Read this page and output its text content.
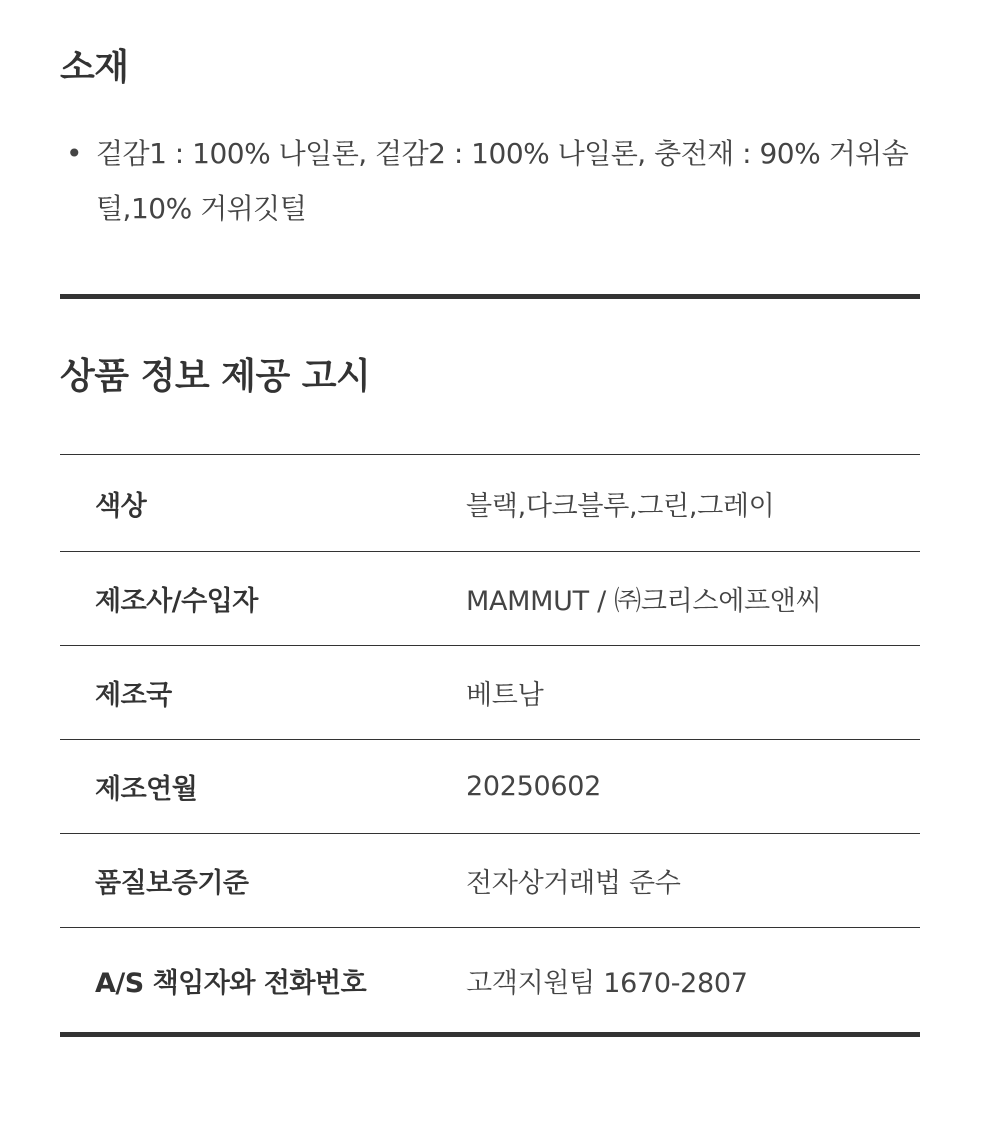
소재
• 겉감1 : 100% 나일론, 겉감2 : 100% 나일론, 충전재 : 90% 거위솜털,10% 거위깃털
상품 정보 제공 고시
색상	블랙,다크블루,그린,그레이
제조사/수입자	MAMMUT / ㈜크리스에프앤씨
제조국	베트남
제조연월	20250602
품질보증기준	전자상거래법 준수
A/S 책임자와 전화번호	고객지원팀 1670-2807
